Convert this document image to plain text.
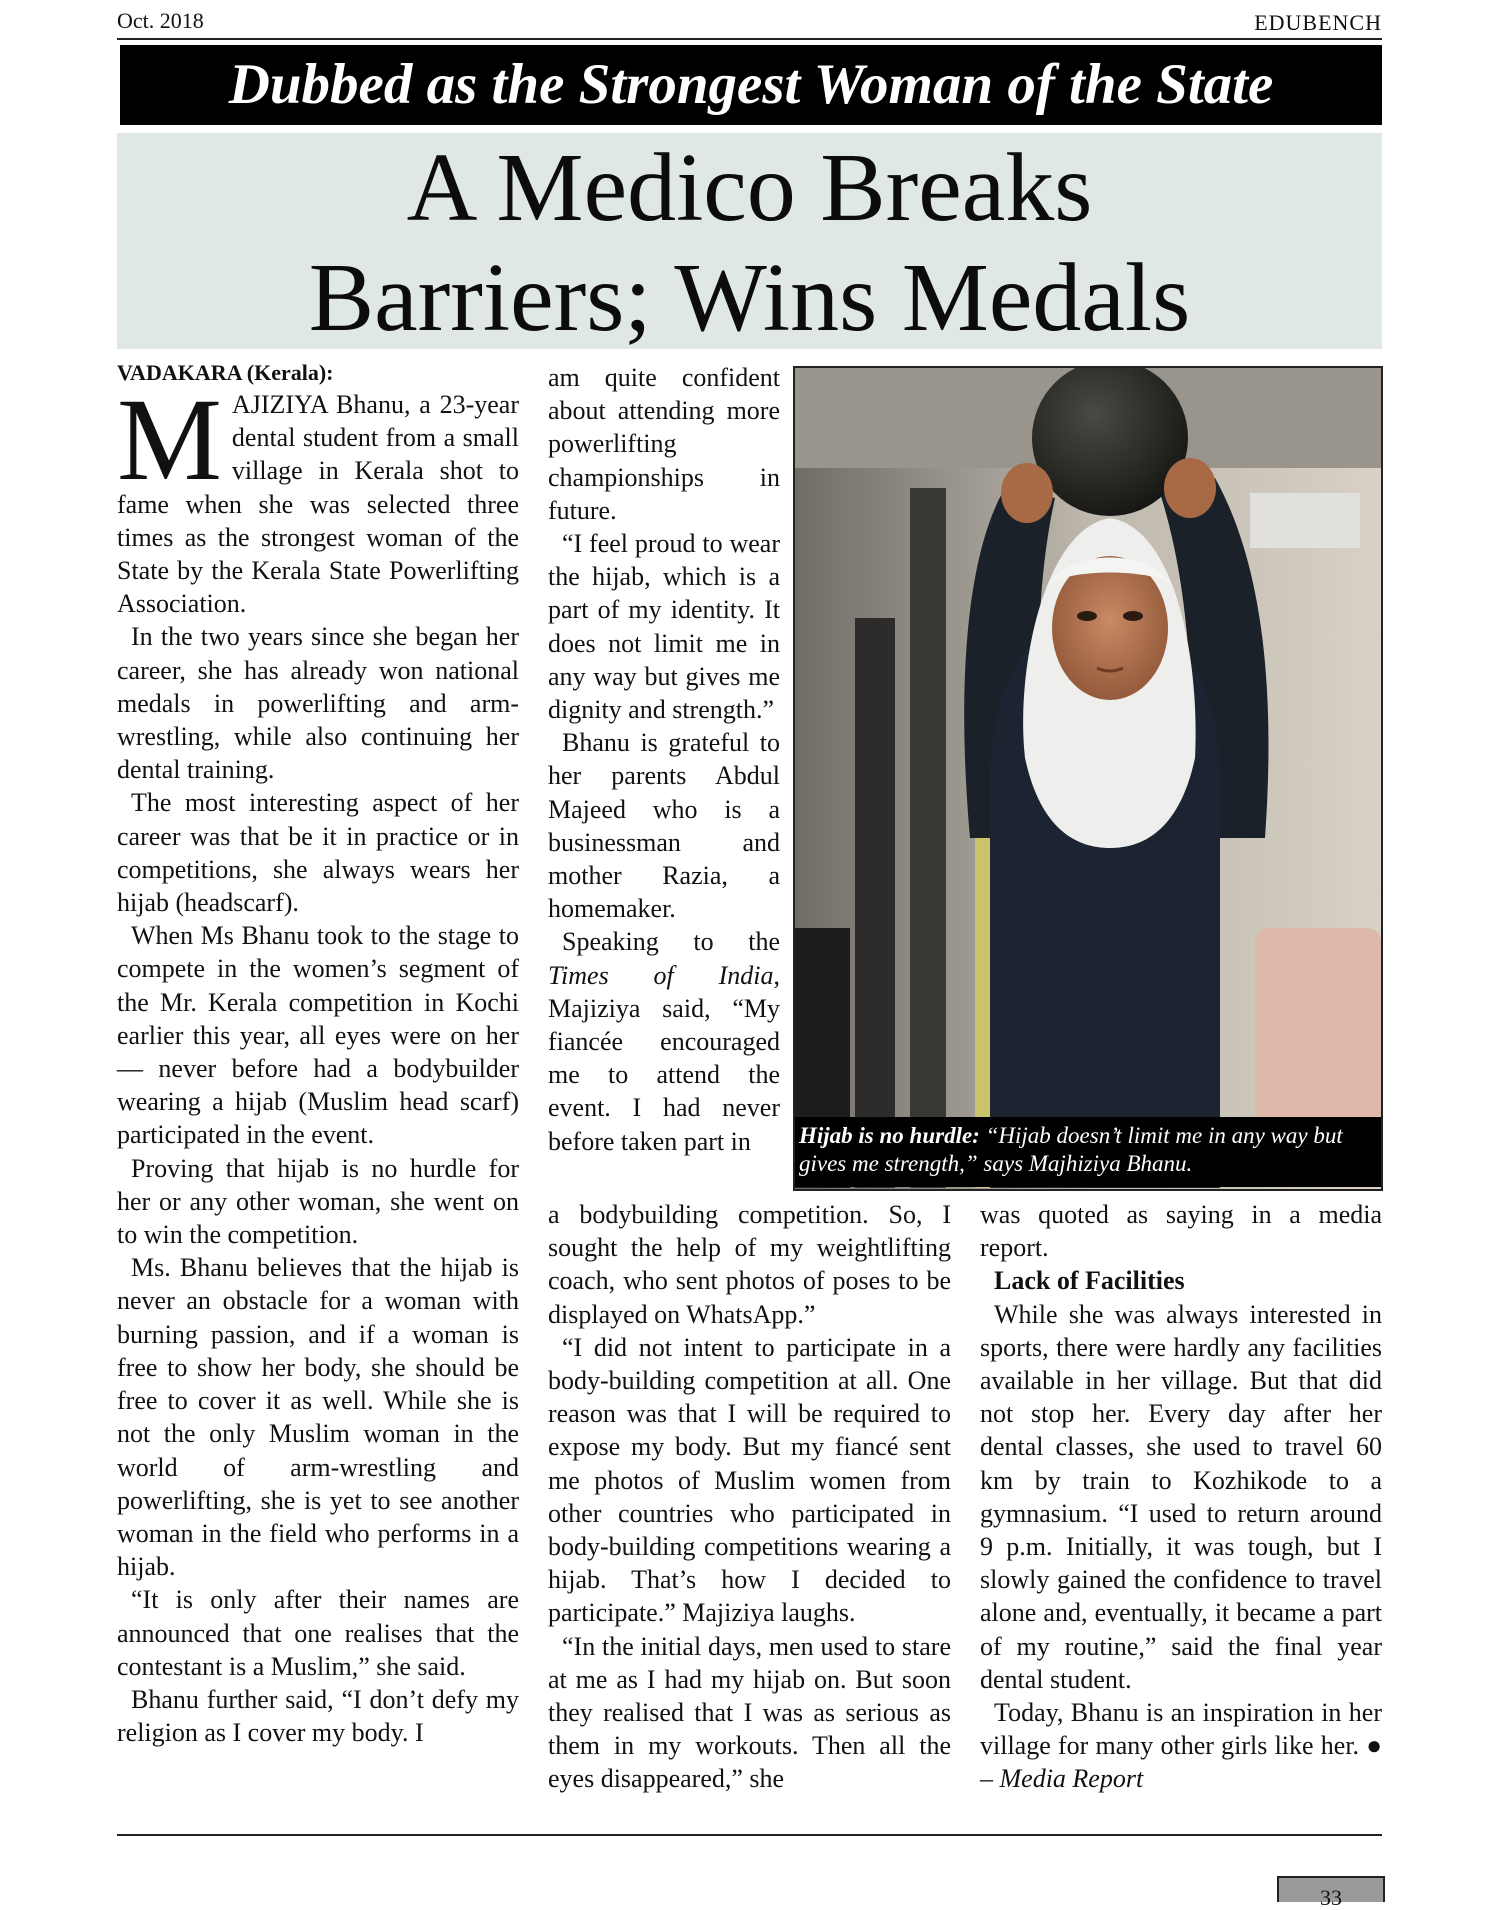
Oct. 2018	EDUBENCH
Dubbed as the Strongest Woman of the State
A Medico Breaks
Barriers; Wins Medals

VADAKARA (Kerala):

MAJIZIYA Bhanu, a 23-year dental student from a small village in Kerala shot to fame when she was selected three times as the strongest woman of the State by the Kerala State Powerlifting Association.

In the two years since she began her career, she has already won national medals in powerlifting and arm-wrestling, while also continuing her dental training.

The most interesting aspect of her career was that be it in practice or in competitions, she always wears her hijab (headscarf).

When Ms Bhanu took to the stage to compete in the women’s segment of the Mr. Kerala competition in Kochi earlier this year, all eyes were on her — never before had a bodybuilder wearing a hijab (Muslim head scarf) participated in the event.

Proving that hijab is no hurdle for her or any other woman, she went on to win the competition.

Ms. Bhanu believes that the hijab is never an obstacle for a woman with burning passion, and if a woman is free to show her body, she should be free to cover it as well. While she is not the only Muslim woman in the world of arm-wrestling and powerlifting, she is yet to see another woman in the field who performs in a hijab.

“It is only after their names are announced that one realises that the contestant is a Muslim,” she said.

Bhanu further said, “I don’t defy my religion as I cover my body. I

am quite confident about attending more powerlifting championships in future.

“I feel proud to wear the hijab, which is a part of my identity. It does not limit me in any way but gives me dignity and strength.”

Bhanu is grateful to her parents Abdul Majeed who is a businessman and mother Razia, a homemaker.

Speaking to the Times of India, Majiziya said, “My fiancée encouraged me to attend the event. I had never before taken part in	Hijab is no hurdle: “Hijab doesn’t limit me in any way but gives me strength,” says Majhiziya Bhanu.

a bodybuilding competition. So, I sought the help of my weightlifting coach, who sent photos of poses to be displayed on WhatsApp.”

“I did not intent to participate in a body-building competition at all. One reason was that I will be required to expose my body. But my fiancé sent me photos of Muslim women from other countries who participated in body-building competitions wearing a hijab. That’s how I decided to participate.” Majiziya laughs.

“In the initial days, men used to stare at me as I had my hijab on. But soon they realised that I was as serious as them in my workouts. Then all the eyes disappeared,” she

was quoted as saying in a media report.

Lack of Facilities

While she was always interested in sports, there were hardly any facilities available in her village. But that did not stop her. Every day after her dental classes, she used to travel 60 km by train to Kozhikode to a gymnasium. “I used to return around 9 p.m. Initially, it was tough, but I slowly gained the confidence to travel alone and, eventually, it became a part of my routine,” said the final year dental student.

Today, Bhanu is an inspiration in her village for many other girls like her. ● – Media Report

33
